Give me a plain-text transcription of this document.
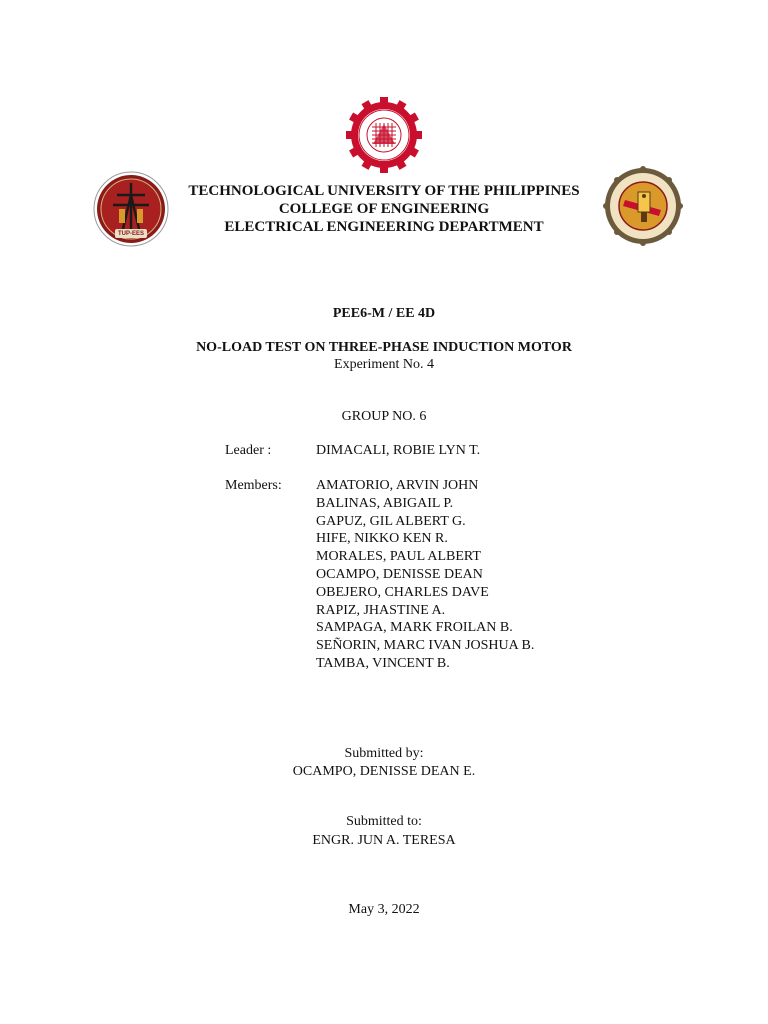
1901
TUP-EES
TECHNOLOGICAL UNIVERSITY OF THE PHILIPPINES
COLLEGE OF ENGINEERING
ELECTRICAL ENGINEERING DEPARTMENT
PEE6-M / EE 4D
NO-LOAD TEST ON THREE-PHASE INDUCTION MOTOR
Experiment No. 4
GROUP NO. 6
Leader :	DIMACALI, ROBIE LYN T.
Members: AMATORIO, ARVIN JOHN
BALINAS, ABIGAIL P.
GAPUZ, GIL ALBERT G.
HIFE, NIKKO KEN R.
MORALES, PAUL ALBERT
OCAMPO, DENISSE DEAN
OBEJERO, CHARLES DAVE
RAPIZ, JHASTINE A.
SAMPAGA, MARK FROILAN B.
SEÑORIN, MARC IVAN JOSHUA B.
TAMBA, VINCENT B.
Submitted by:
OCAMPO, DENISSE DEAN E.
Submitted to:
ENGR. JUN A. TERESA
May 3, 2022
